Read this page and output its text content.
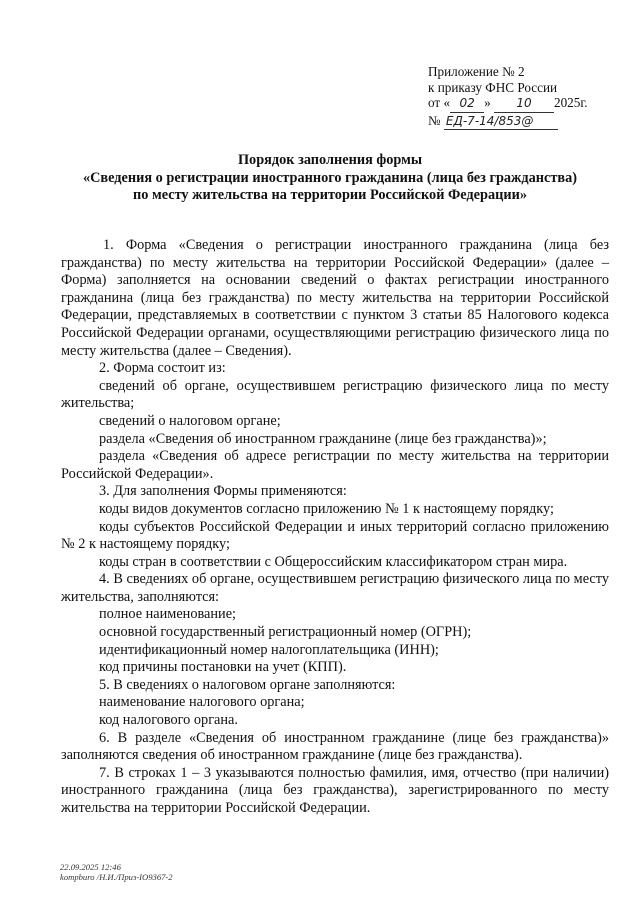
Приложение № 2
к приказу ФНС России
от « 02 » 10 2025г.
№ ЕД-7-14/853@
Порядок заполнения формы
«Сведения о регистрации иностранного гражданина (лица без гражданства)
по месту жительства на территории Российской Федерации»

1. Форма «Сведения о регистрации иностранного гражданина (лица без гражданства) по месту жительства на территории Российской Федерации» (далее – Форма) заполняется на основании сведений о фактах регистрации иностранного гражданина (лица без гражданства) по месту жительства на территории Российской Федерации, представляемых в соответствии с пунктом 3 статьи 85 Налогового кодекса Российской Федерации органами, осуществляющими регистрацию физического лица по месту жительства (далее – Сведения).

2. Форма состоит из:

сведений об органе, осуществившем регистрацию физического лица по месту жительства;

сведений о налоговом органе;

раздела «Сведения об иностранном гражданине (лице без гражданства)»;

раздела «Сведения об адресе регистрации по месту жительства на территории Российской Федерации».

3. Для заполнения Формы применяются:

коды видов документов согласно приложению № 1 к настоящему порядку;

коды субъектов Российской Федерации и иных территорий согласно приложению № 2 к настоящему порядку;

коды стран в соответствии с Общероссийским классификатором стран мира.

4. В сведениях об органе, осуществившем регистрацию физического лица по месту жительства, заполняются:

полное наименование;

основной государственный регистрационный номер (ОГРН);

идентификационный номер налогоплательщика (ИНН);

код причины постановки на учет (КПП).

5. В сведениях о налоговом органе заполняются:

наименование налогового органа;

код налогового органа.

6. В разделе «Сведения об иностранном гражданине (лице без гражданства)» заполняются сведения об иностранном гражданине (лице без гражданства).

7. В строках 1 – 3 указываются полностью фамилия, имя, отчество (при наличии) иностранного гражданина (лица без гражданства), зарегистрированного по месту жительства на территории Российской Федерации.

22.09.2025 12:46
kompburo /Н.И./Приз-IO9367-2
